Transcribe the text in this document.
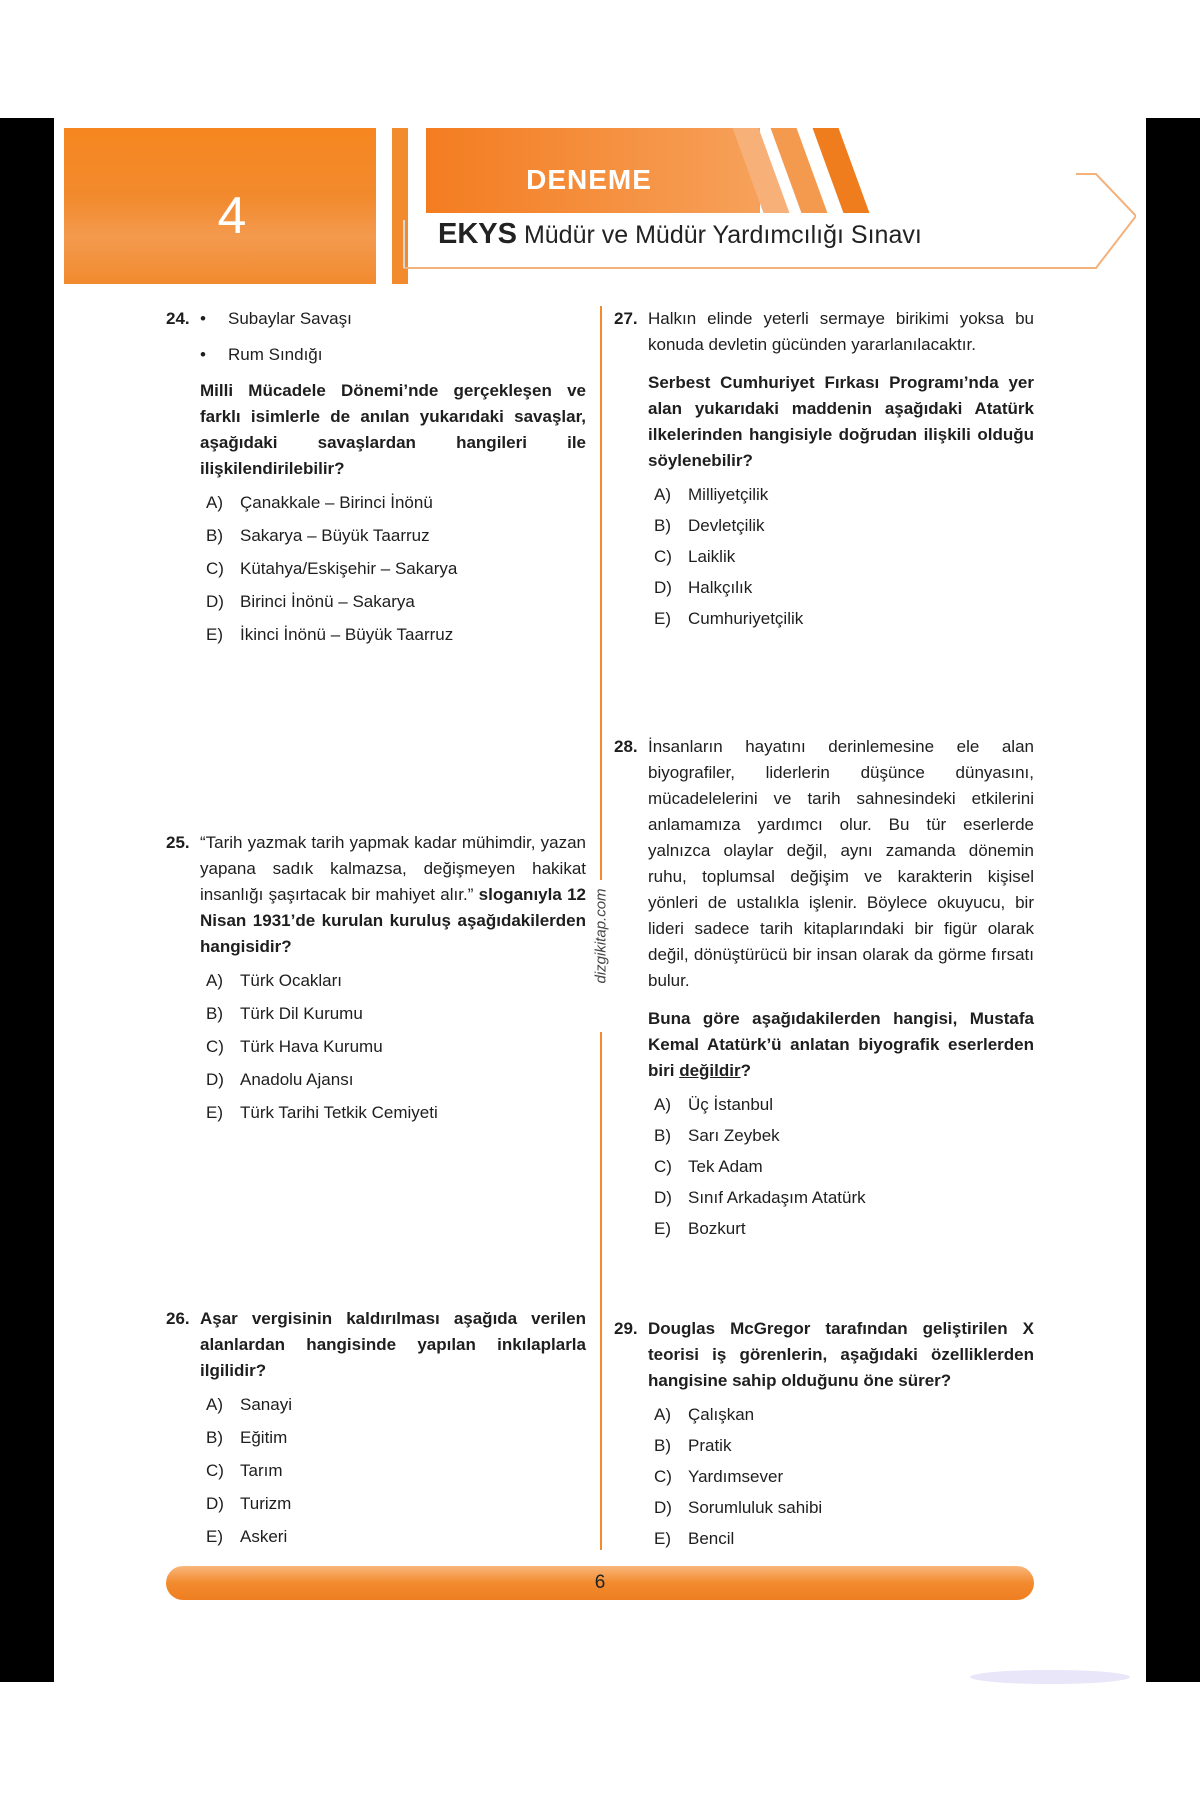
4
DENEME
EKYS Müdür ve Müdür Yardımcılığı Sınavı
dizgikitap.com
24.
•	Subaylar Savaşı
• Rum Sındığı

Milli Mücadele Dönemi’nde gerçekleşen ve farklı isimlerle de anılan yukarıdaki savaşlar, aşağıdaki savaşlardan hangileri ile ilişkilendirilebilir?

A) Çanakkale – Birinci İnönü
B) Sakarya – Büyük Taarruz
C) Kütahya/Eskişehir – Sakarya
D) Birinci İnönü – Sakarya
E) İkinci İnönü – Büyük Taarruz
25. “Tarih yazmak tarih yapmak kadar mühimdir, yazan yapana sadık kalmazsa, değişmeyen hakikat insanlığı şaşırtacak bir mahiyet alır.” sloganıyla 12 Nisan 1931’de kurulan kuruluş aşağıdakilerden hangisidir?

A) Türk Ocakları
B) Türk Dil Kurumu
C) Türk Hava Kurumu
D) Anadolu Ajansı
E) Türk Tarihi Tetkik Cemiyeti
26. Aşar vergisinin kaldırılması aşağıda verilen alanlardan hangisinde yapılan inkılaplarla ilgilidir?

A) Sanayi
B) Eğitim
C) Tarım
D) Turizm
E) Askeri
27. Halkın elinde yeterli sermaye birikimi yoksa bu konuda devletin gücünden yararlanılacaktır.

Serbest Cumhuriyet Fırkası Programı’nda yer alan yukarıdaki maddenin aşağıdaki Atatürk ilkelerinden hangisiyle doğrudan ilişkili olduğu söylenebilir?

A) Milliyetçilik
B) Devletçilik
C) Laiklik
D) Halkçılık
E) Cumhuriyetçilik
28. İnsanların hayatını derinlemesine ele alan biyografiler, liderlerin düşünce dünyasını, mücadelelerini ve tarih sahnesindeki etkilerini anlamamıza yardımcı olur. Bu tür eserlerde yalnızca olaylar değil, aynı zamanda dönemin ruhu, toplumsal değişim ve karakterin kişisel yönleri de ustalıkla işlenir. Böylece okuyucu, bir lideri sadece tarih kitaplarındaki bir figür olarak değil, dönüştürücü bir insan olarak da görme fırsatı bulur.

Buna göre aşağıdakilerden hangisi, Mustafa Kemal Atatürk’ü anlatan biyografik eserlerden biri değildir?

A) Üç İstanbul
B) Sarı Zeybek
C) Tek Adam
D) Sınıf Arkadaşım Atatürk
E) Bozkurt
29. Douglas McGregor tarafından geliştirilen X teorisi iş görenlerin, aşağıdaki özelliklerden hangisine sahip olduğunu öne sürer?

A) Çalışkan
B) Pratik
C) Yardımsever
D) Sorumluluk sahibi
E) Bencil
6
